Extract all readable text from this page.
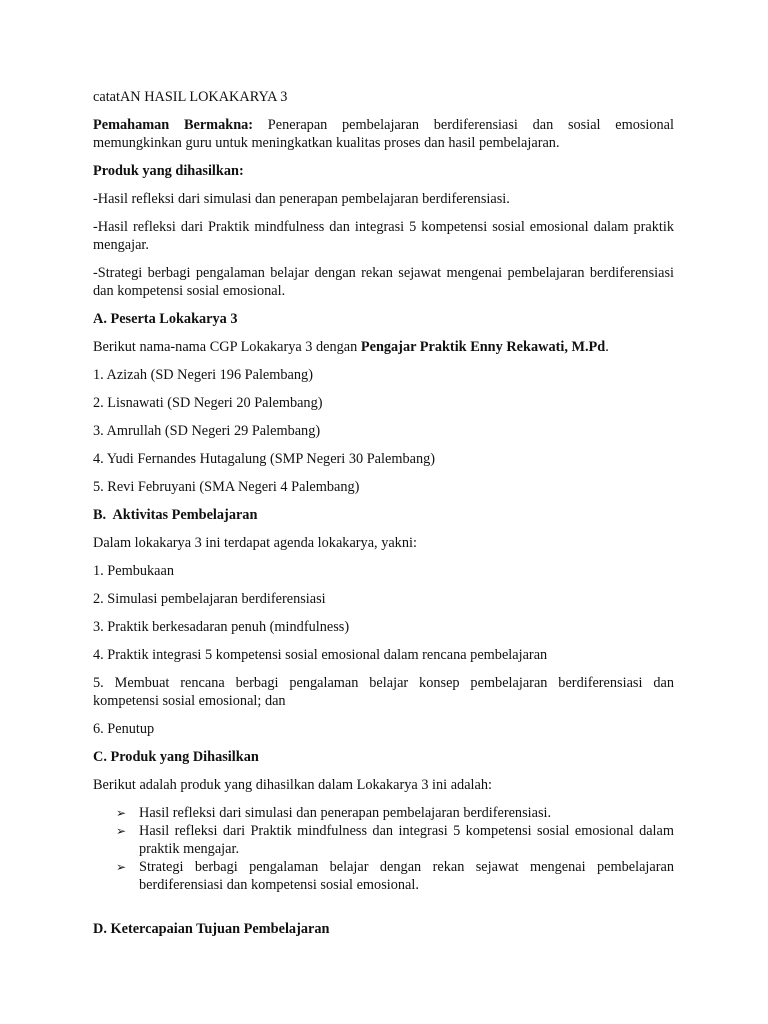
catatAN HASIL LOKAKARYA 3

Pemahaman Bermakna: Penerapan pembelajaran berdiferensiasi dan sosial emosional memungkinkan guru untuk meningkatkan kualitas proses dan hasil pembelajaran.

Produk yang dihasilkan:

-Hasil refleksi dari simulasi dan penerapan pembelajaran berdiferensiasi.

-Hasil refleksi dari Praktik mindfulness dan integrasi 5 kompetensi sosial emosional dalam praktik mengajar.

-Strategi berbagi pengalaman belajar dengan rekan sejawat mengenai pembelajaran berdiferensiasi dan kompetensi sosial emosional.

A. Peserta Lokakarya 3

Berikut nama-nama CGP Lokakarya 3 dengan Pengajar Praktik Enny Rekawati, M.Pd.

1. Azizah (SD Negeri 196 Palembang)

2. Lisnawati (SD Negeri 20 Palembang)

3. Amrullah (SD Negeri 29 Palembang)

4. Yudi Fernandes Hutagalung (SMP Negeri 30 Palembang)

5. Revi Februyani (SMA Negeri 4 Palembang)

B.  Aktivitas Pembelajaran

Dalam lokakarya 3 ini terdapat agenda lokakarya, yakni:

1. Pembukaan

2. Simulasi pembelajaran berdiferensiasi

3. Praktik berkesadaran penuh (mindfulness)

4. Praktik integrasi 5 kompetensi sosial emosional dalam rencana pembelajaran

5. Membuat rencana berbagi pengalaman belajar konsep pembelajaran berdiferensiasi dan kompetensi sosial emosional; dan

6. Penutup

C. Produk yang Dihasilkan

Berikut adalah produk yang dihasilkan dalam Lokakarya 3 ini adalah:

➢ Hasil refleksi dari simulasi dan penerapan pembelajaran berdiferensiasi.
➢ Hasil refleksi dari Praktik mindfulness dan integrasi 5 kompetensi sosial emosional dalam praktik mengajar.
➢ Strategi berbagi pengalaman belajar dengan rekan sejawat mengenai pembelajaran berdiferensiasi dan kompetensi sosial emosional.

D. Ketercapaian Tujuan Pembelajaran
